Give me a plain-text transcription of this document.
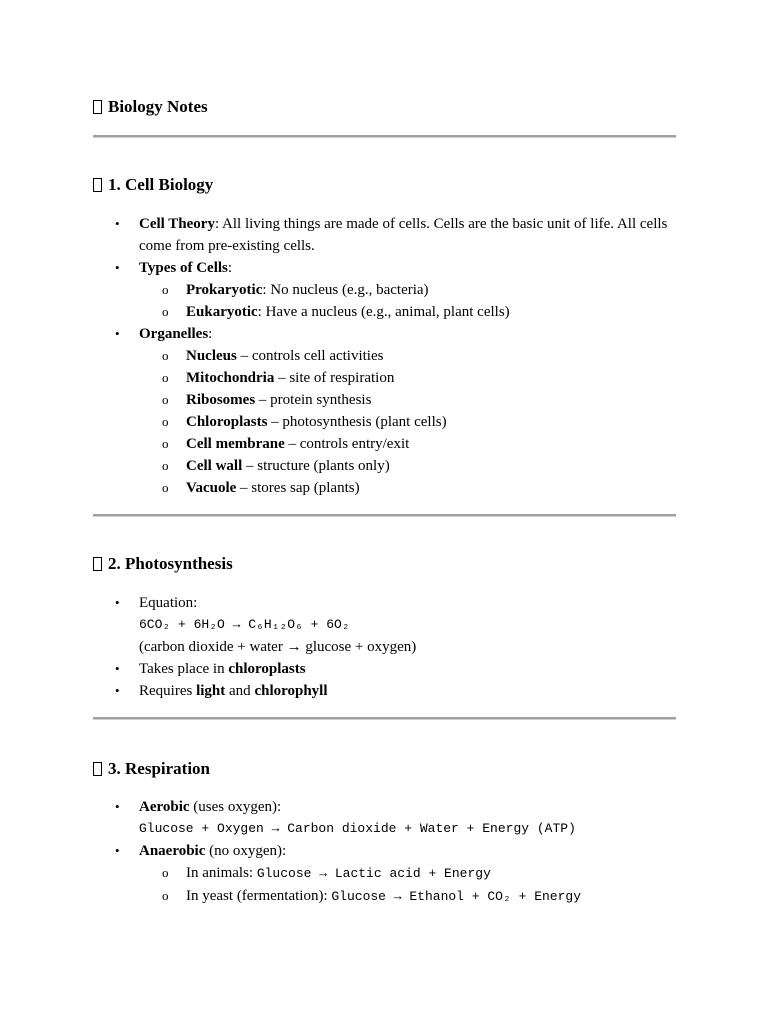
Biology Notes
1. Cell Biology
• Cell Theory: All living things are made of cells. Cells are the basic unit of life. All cells come from pre-existing cells.
• Types of Cells:
o Prokaryotic: No nucleus (e.g., bacteria)
o Eukaryotic: Have a nucleus (e.g., animal, plant cells)
• Organelles:
o Nucleus – controls cell activities
o Mitochondria – site of respiration
o Ribosomes – protein synthesis
o Chloroplasts – photosynthesis (plant cells)
o Cell membrane – controls entry/exit
o Cell wall – structure (plants only)
o Vacuole – stores sap (plants)
2. Photosynthesis
• Equation:
6CO₂ + 6H₂O → C₆H₁₂O₆ + 6O₂
(carbon dioxide + water → glucose + oxygen)
• Takes place in chloroplasts
• Requires light and chlorophyll
3. Respiration
• Aerobic (uses oxygen):
Glucose + Oxygen → Carbon dioxide + Water + Energy (ATP)
• Anaerobic (no oxygen):
o In animals: Glucose → Lactic acid + Energy
o In yeast (fermentation): Glucose → Ethanol + CO₂ + Energy
